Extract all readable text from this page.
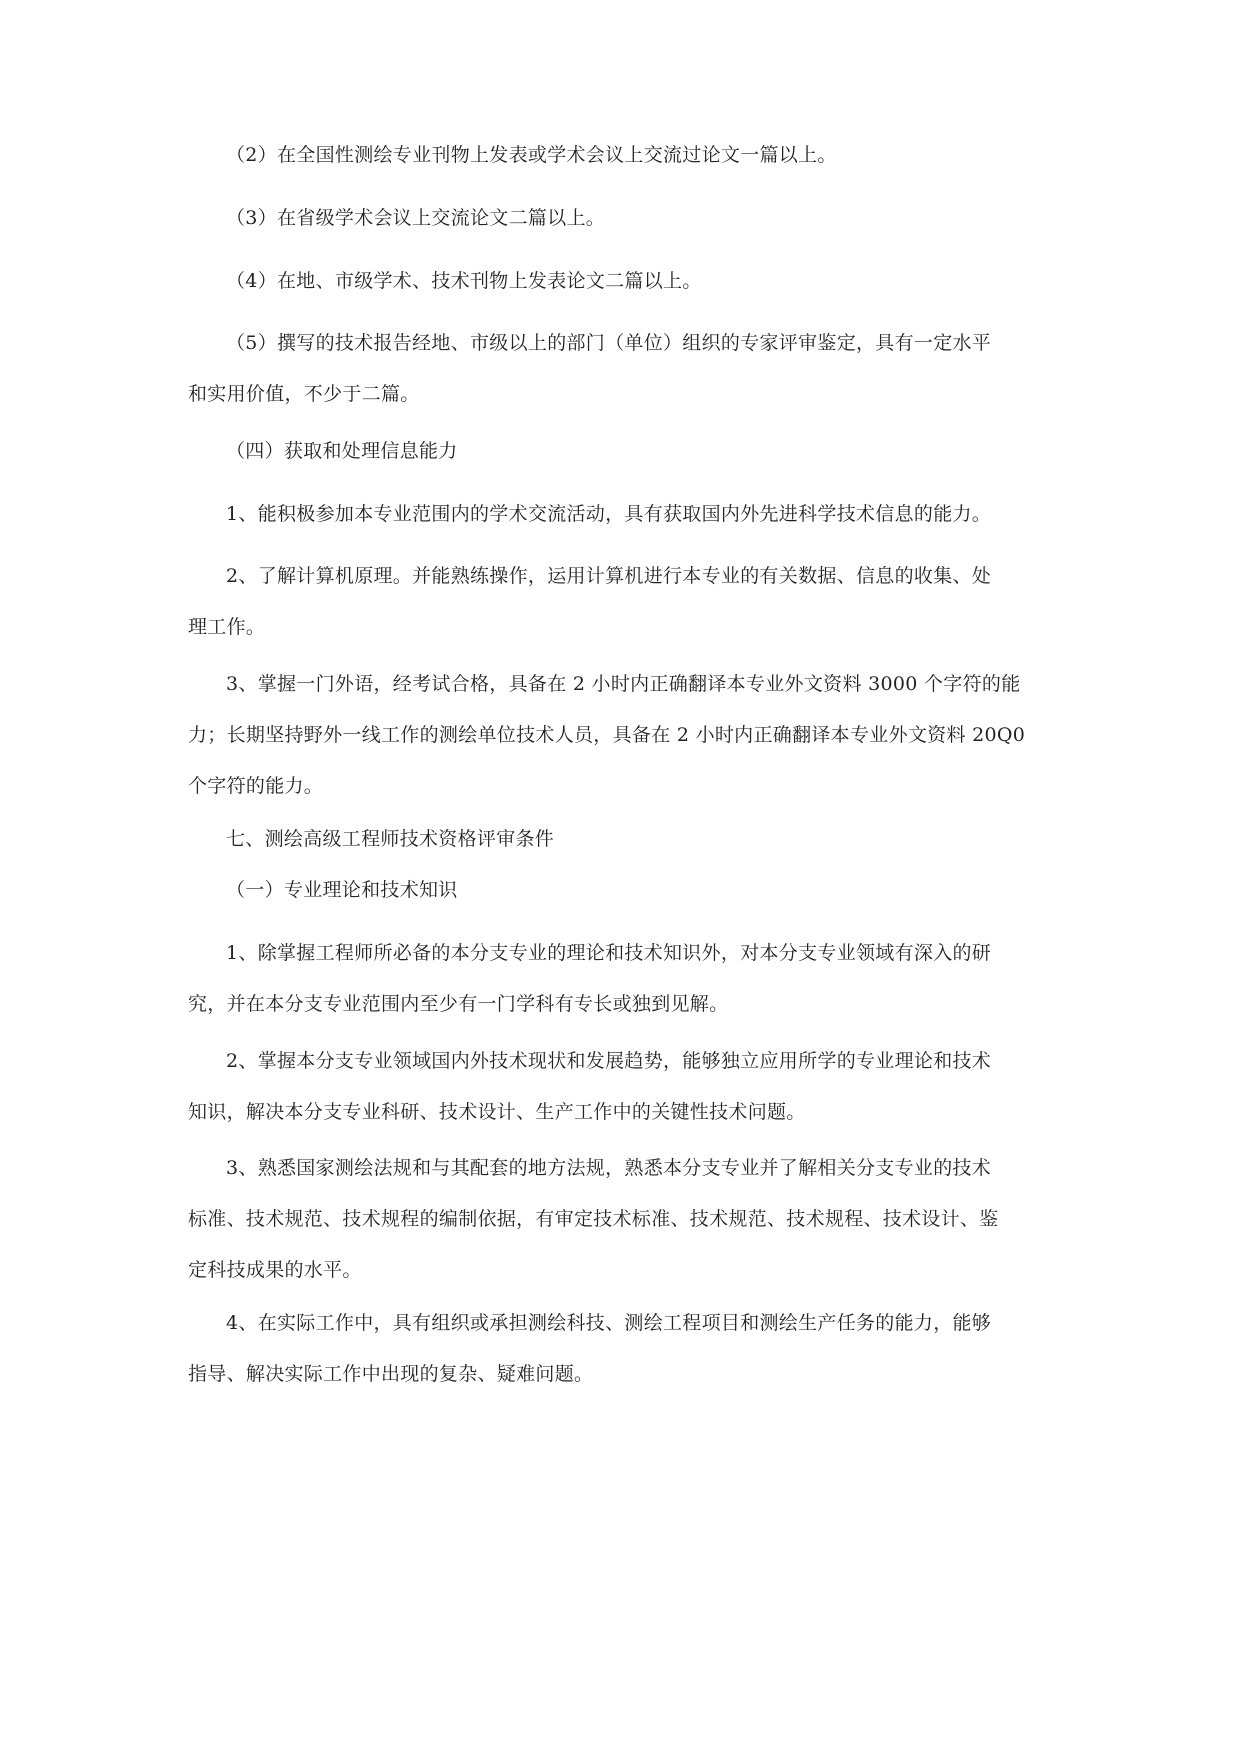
（2）在全国性测绘专业刊物上发表或学术会议上交流过论文一篇以上。

（3）在省级学术会议上交流论文二篇以上。

（4）在地、市级学术、技术刊物上发表论文二篇以上。

（5）撰写的技术报告经地、市级以上的部门（单位）组织的专家评审鉴定，具有一定水平
和实用价值，不少于二篇。

（四）获取和处理信息能力

1、能积极参加本专业范围内的学术交流活动，具有获取国内外先进科学技术信息的能力。

2、了解计算机原理。并能熟练操作，运用计算机进行本专业的有关数据、信息的收集、处
理工作。

3、掌握一门外语，经考试合格，具备在 2 小时内正确翻译本专业外文资料 3000 个字符的能
力；长期坚持野外一线工作的测绘单位技术人员，具备在 2 小时内正确翻译本专业外文资料 20Q0
个字符的能力。

七、测绘高级工程师技术资格评审条件

（一）专业理论和技术知识

1、除掌握工程师所必备的本分支专业的理论和技术知识外，对本分支专业领域有深入的研
究，并在本分支专业范围内至少有一门学科有专长或独到见解。

2、掌握本分支专业领域国内外技术现状和发展趋势，能够独立应用所学的专业理论和技术
知识，解决本分支专业科研、技术设计、生产工作中的关键性技术问题。

3、熟悉国家测绘法规和与其配套的地方法规，熟悉本分支专业并了解相关分支专业的技术
标准、技术规范、技术规程的编制依据，有审定技术标准、技术规范、技术规程、技术设计、鉴
定科技成果的水平。

4、在实际工作中，具有组织或承担测绘科技、测绘工程项目和测绘生产任务的能力，能够
指导、解决实际工作中出现的复杂、疑难问题。
